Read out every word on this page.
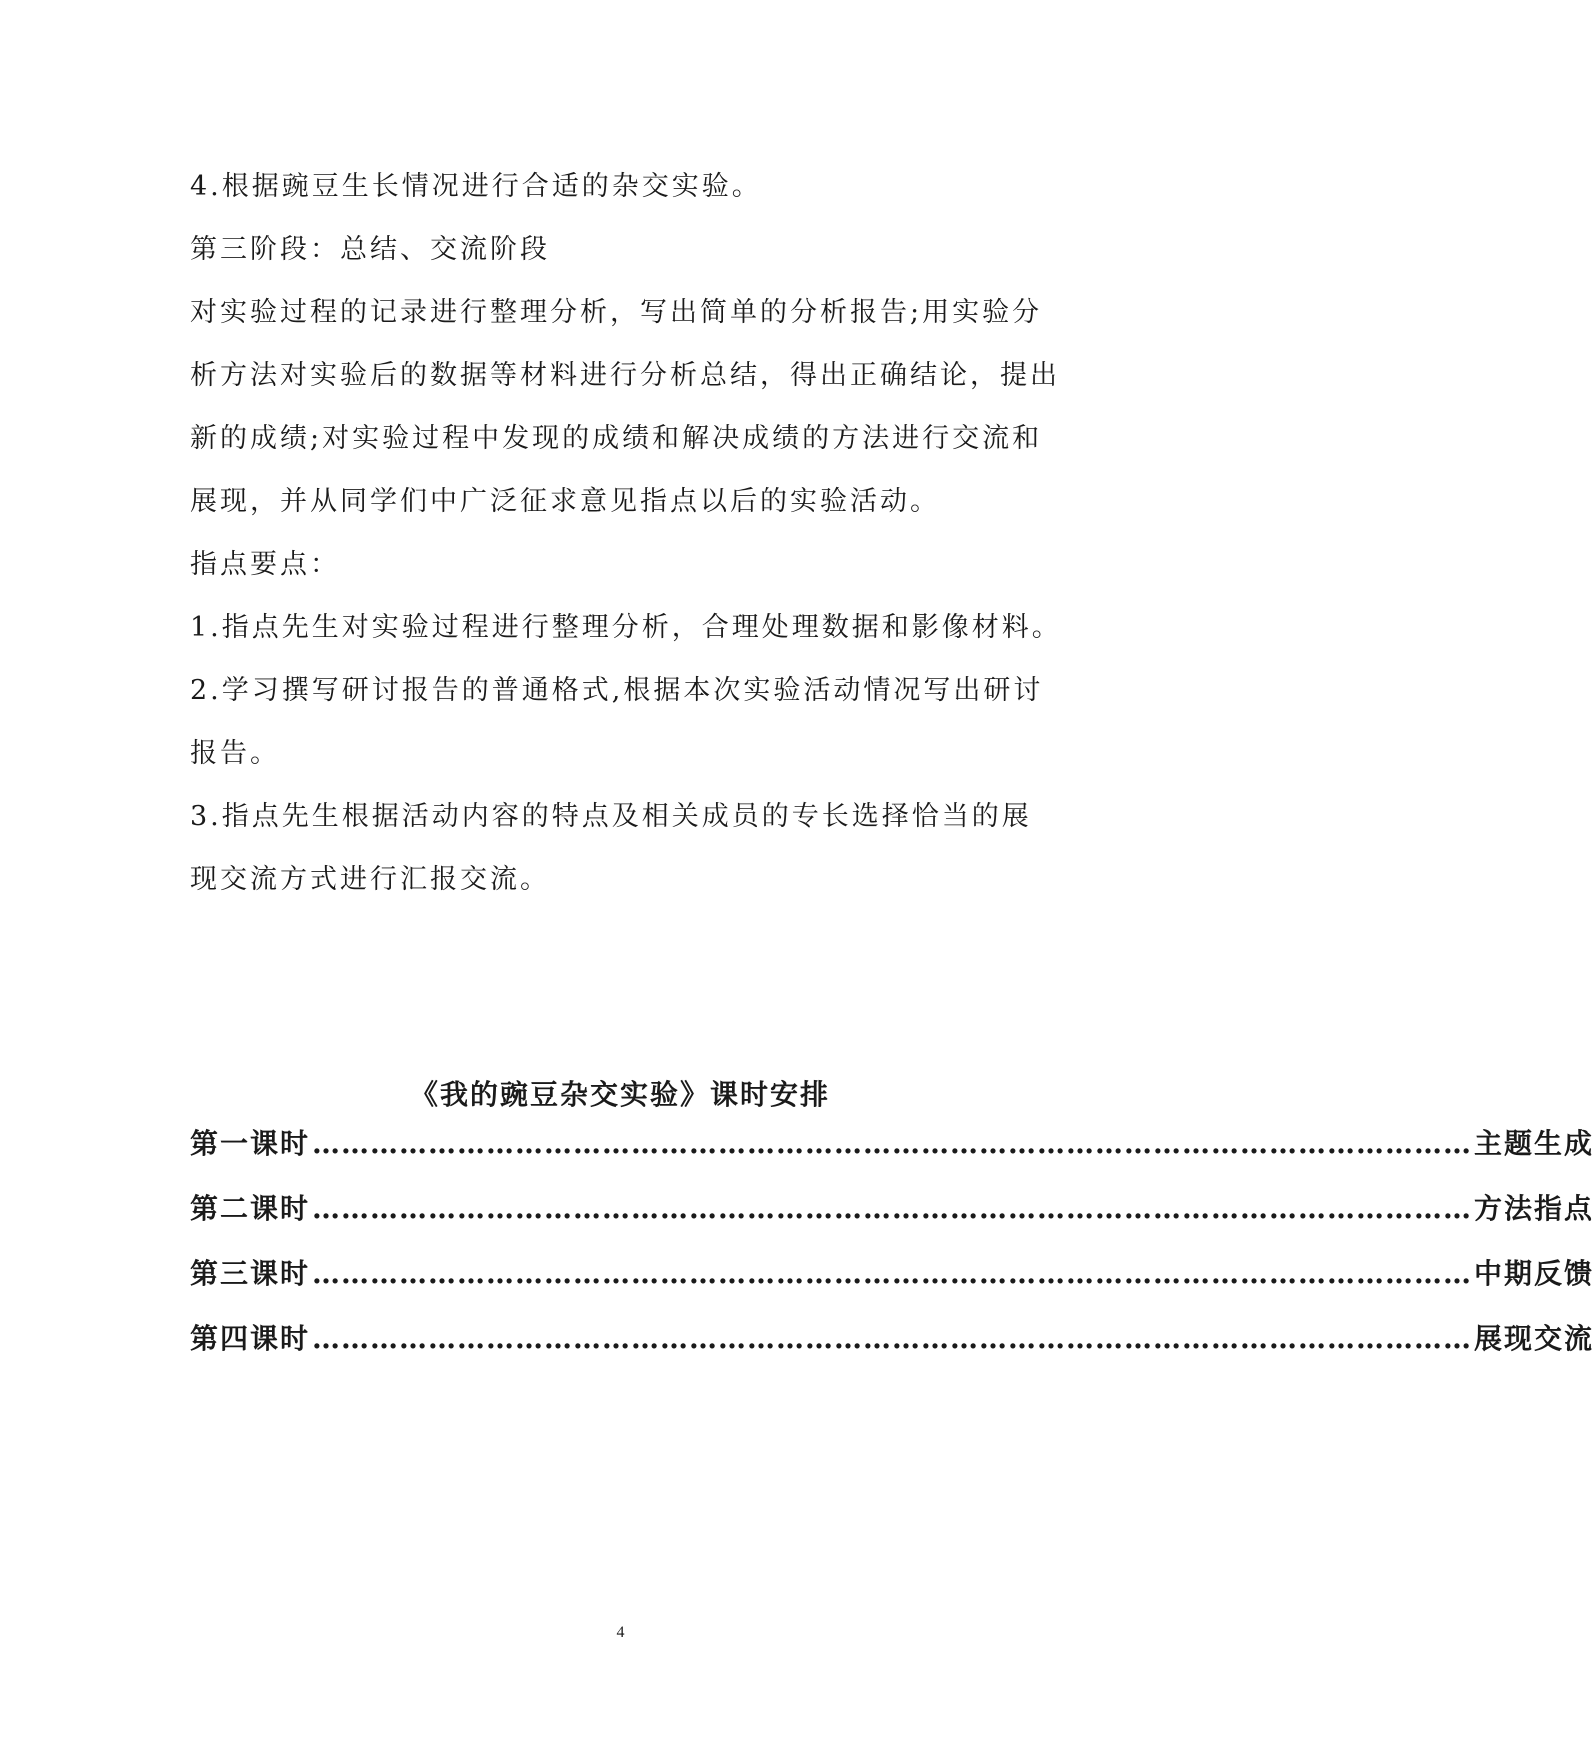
4.根据豌豆生长情况进行合适的杂交实验。

第三阶段：总结、交流阶段

对实验过程的记录进行整理分析，写出简单的分析报告;用实验分

析方法对实验后的数据等材料进行分析总结，得出正确结论，提出

新的成绩;对实验过程中发现的成绩和解决成绩的方法进行交流和

展现，并从同学们中广泛征求意见指点以后的实验活动。

指点要点：

1.指点先生对实验过程进行整理分析，合理处理数据和影像材料。

2.学习撰写研讨报告的普通格式,根据本次实验活动情况写出研讨

报告。

3.指点先生根据活动内容的特点及相关成员的专长选择恰当的展

现交流方式进行汇报交流。

《我的豌豆杂交实验》课时安排
第一课时 ………………………………………………………………………………………………………… 主题生成
第二课时 ………………………………………………………………………………………………………… 方法指点
第三课时 ………………………………………………………………………………………………………… 中期反馈
第四课时 ………………………………………………………………………………………………………… 展现交流
4
